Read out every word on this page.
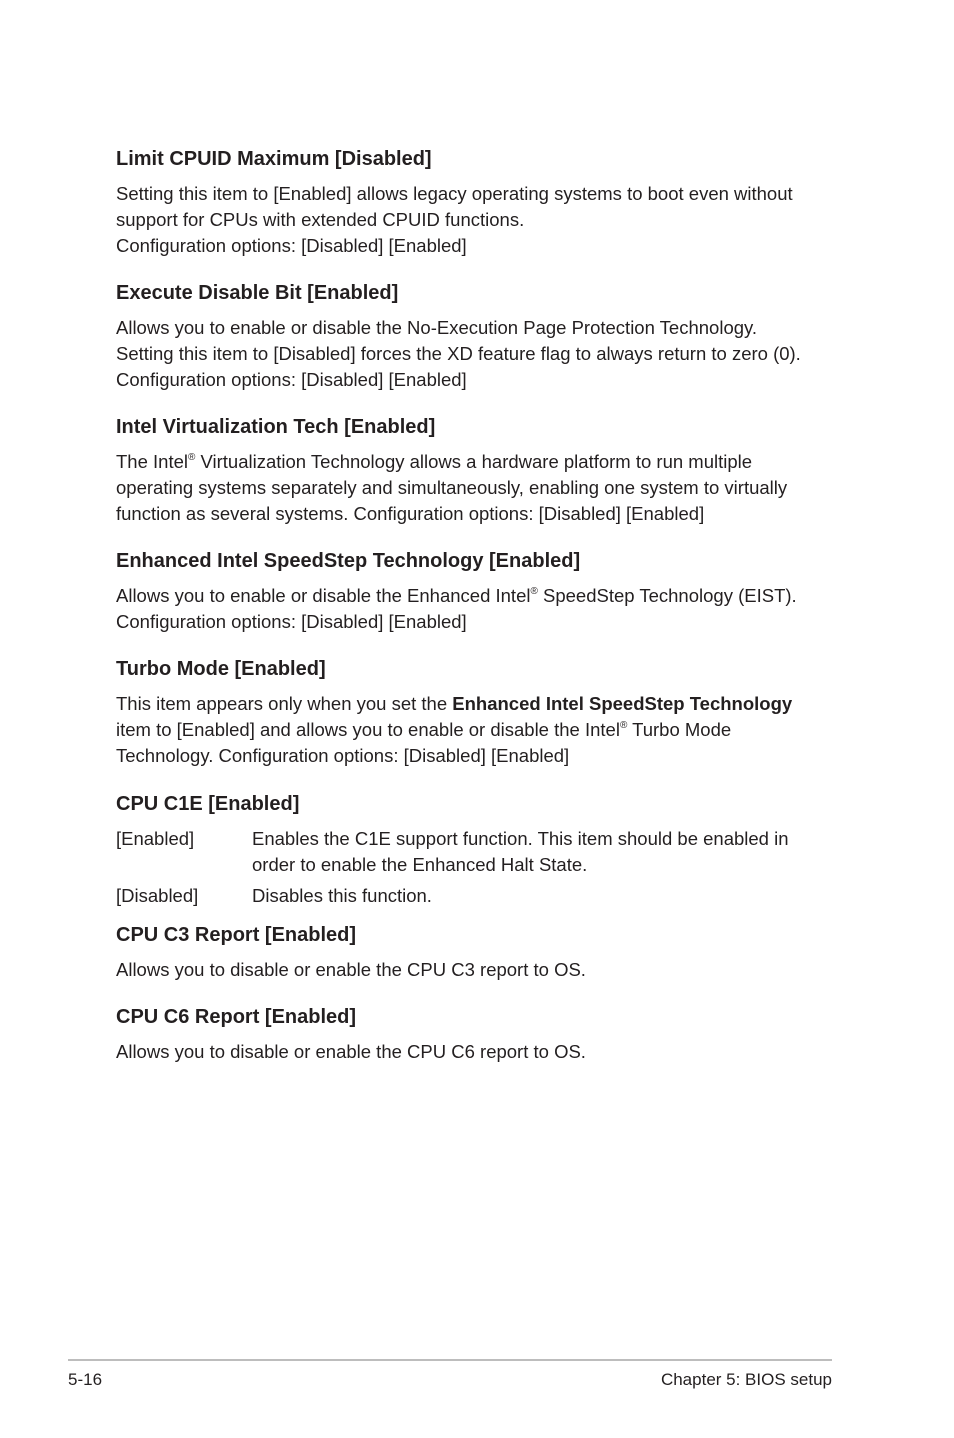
Limit CPUID Maximum [Disabled]

Setting this item to [Enabled] allows legacy operating systems to boot even without

support for CPUs with extended CPUID functions.

Configuration options: [Disabled] [Enabled]

Execute Disable Bit [Enabled]

Allows you to enable or disable the No-Execution Page Protection Technology.

Setting this item to [Disabled] forces the XD feature flag to always return to zero (0).

Configuration options: [Disabled] [Enabled]

Intel Virtualization Tech [Enabled]

The Intel® Virtualization Technology allows a hardware platform to run multiple

operating systems separately and simultaneously, enabling one system to virtually

function as several systems. Configuration options: [Disabled] [Enabled]

Enhanced Intel SpeedStep Technology [Enabled]

Allows you to enable or disable the Enhanced Intel® SpeedStep Technology (EIST).

Configuration options: [Disabled] [Enabled]

Turbo Mode [Enabled]

This item appears only when you set the Enhanced Intel SpeedStep Technology

item to [Enabled] and allows you to enable or disable the Intel® Turbo Mode

Technology. Configuration options: [Disabled] [Enabled]

CPU C1E [Enabled]
[Enabled]	Enables the C1E support function. This item should be enabled in
order to enable the Enhanced Halt State.
[Disabled]	Disables this function.
CPU C3 Report [Enabled]

Allows you to disable or enable the CPU C3 report to OS.

CPU C6 Report [Enabled]

Allows you to disable or enable the CPU C6 report to OS.

5-16	Chapter 5: BIOS setup
